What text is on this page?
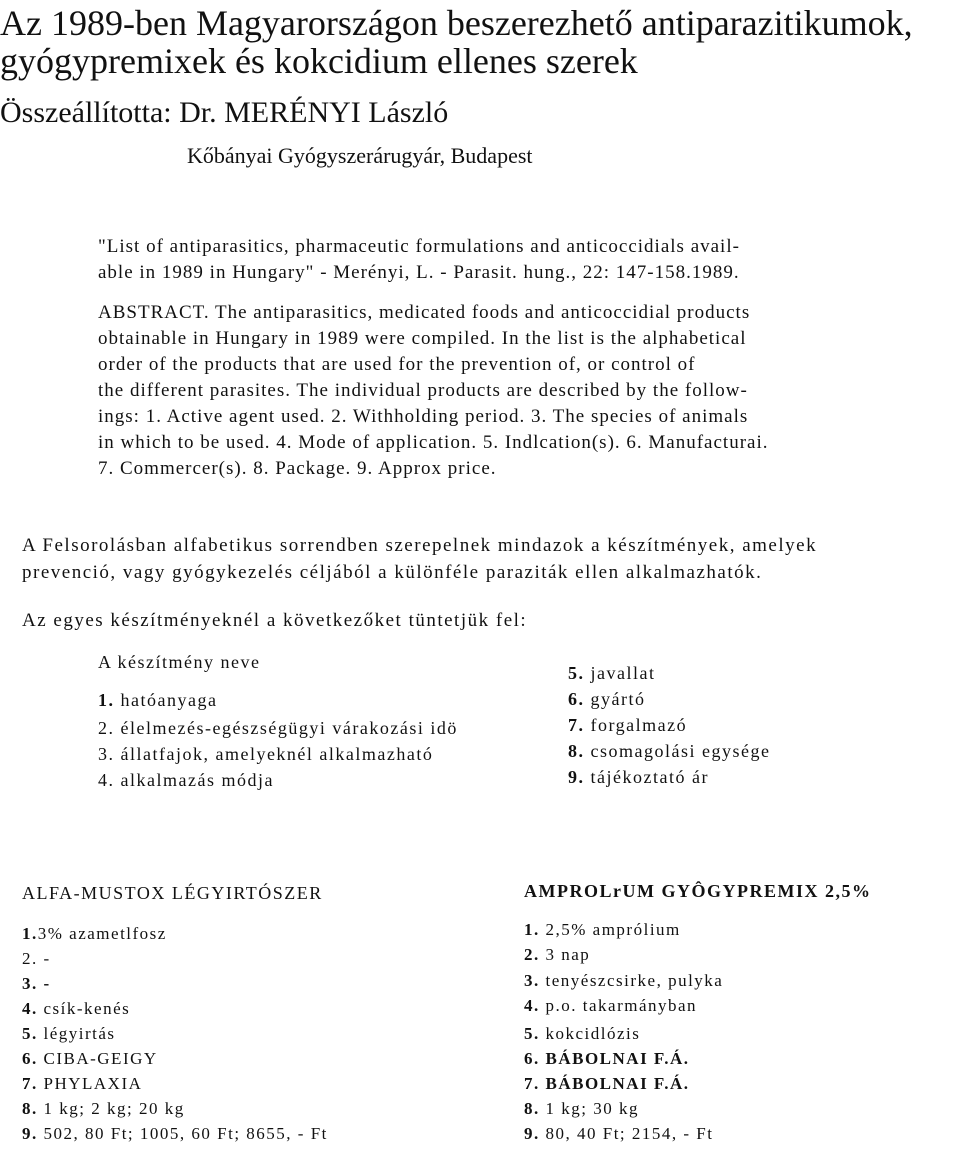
Az 1989-ben Magyarországon beszerezhető antiparazitikumok,
gyógypremixek és kokcidium ellenes szerek
Összeállította: Dr. MERÉNYI László
Kőbányai Gyógyszerárugyár, Budapest
"List of antiparasitics, pharmaceutic formulations and anticoccidials avail-
able in 1989 in Hungary" - Merényi, L. - Parasit. hung., 22: 147-158.1989.
ABSTRACT. The antiparasitics, medicated foods and anticoccidial products
obtainable in Hungary in 1989 were compiled. In the list is the alphabetical
order of the products that are used for the prevention of, or control of
the different parasites. The individual products are described by the follow-
ings: 1. Active agent used. 2. Withholding period. 3. The species of animals
in which to be used. 4. Mode of application. 5. Indlcation(s). 6. Manufacturai.
7. Commercer(s). 8. Package. 9. Approx price.
A Felsorolásban alfabetikus sorrendben szerepelnek mindazok a készítmények, amelyek
prevenció, vagy gyógykezelés céljából a különféle paraziták ellen alkalmazhatók.
Az egyes készítményeknél a következőket tüntetjük fel:
A készítmény neve
1. hatóanyaga
2. élelmezés-egészségügyi várakozási idö
3. állatfajok, amelyeknél alkalmazható
4. alkalmazás módja
5. javallat
6. gyártó
7. forgalmazó
8. csomagolási egysége
9. tájékoztató ár
ALFA-MUSTOX LÉGYIRTÓSZER
1.3% azametlfosz
2. -
3. -
4. csík-kenés
5. légyirtás
6. CIBA-GEIGY
7. PHYLAXIA
8. 1 kg; 2 kg; 20 kg
9. 502, 80 Ft; 1005, 60 Ft; 8655, - Ft
AMPROLrUM GYÔGYPREMIX 2,5%
1. 2,5% amprólium
2. 3 nap
3. tenyészcsirke, pulyka
4. p.o. takarmányban
5. kokcidlózis
6. BÁBOLNAI F.Á.
7. BÁBOLNAI F.Á.
8. 1 kg; 30 kg
9. 80, 40 Ft; 2154, - Ft
